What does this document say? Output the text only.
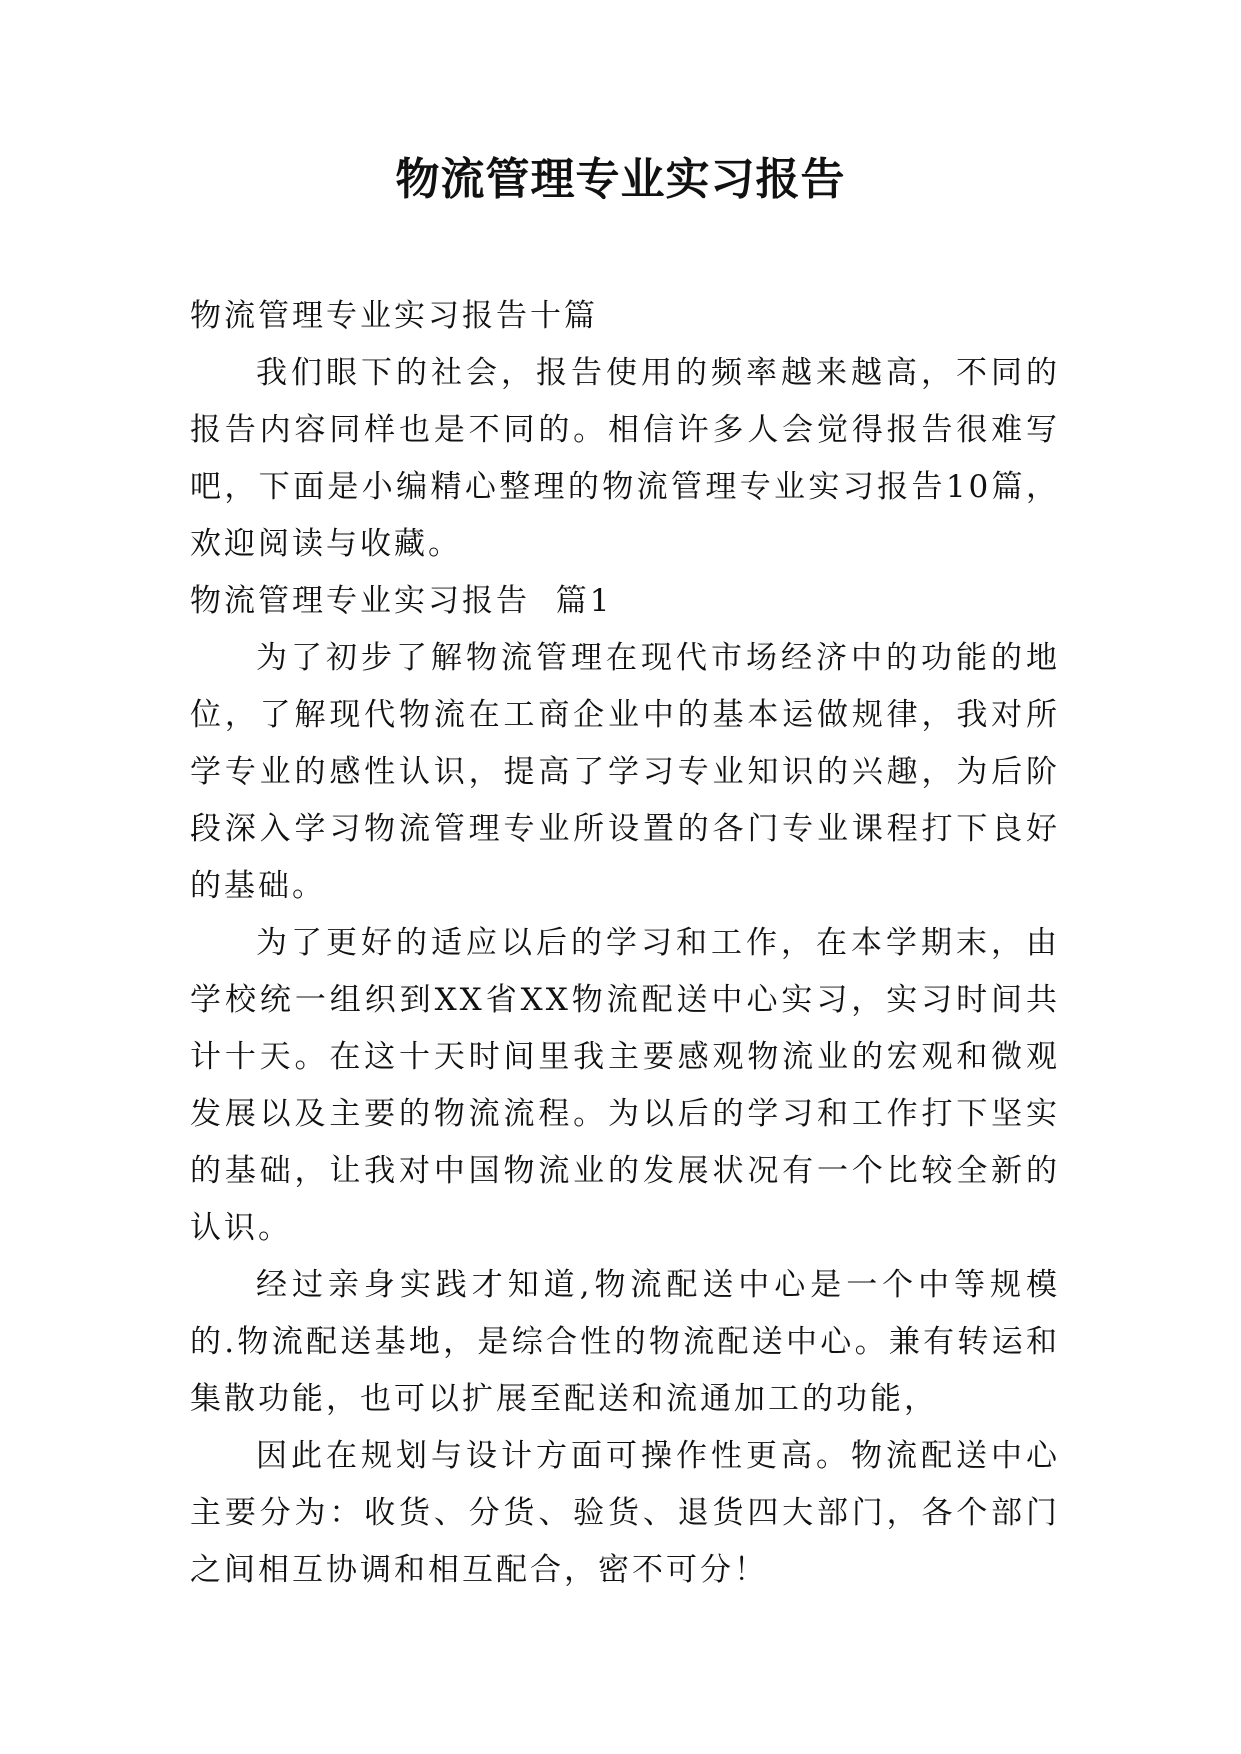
物流管理专业实习报告

物流管理专业实习报告十篇

我们眼下的社会，报告使用的频率越来越高，不同的报告内容同样也是不同的。相信许多人会觉得报告很难写吧，下面是小编精心整理的物流管理专业实习报告10篇，欢迎阅读与收藏。

物流管理专业实习报告  篇1

为了初步了解物流管理在现代市场经济中的功能的地位，了解现代物流在工商企业中的基本运做规律，我对所学专业的感性认识，提高了学习专业知识的兴趣，为后阶段深入学习物流管理专业所设置的各门专业课程打下良好的基础。

为了更好的适应以后的学习和工作，在本学期末，由学校统一组织到XX省XX物流配送中心实习，实习时间共计十天。在这十天时间里我主要感观物流业的宏观和微观发展以及主要的物流流程。为以后的学习和工作打下坚实的基础，让我对中国物流业的发展状况有一个比较全新的认识。

经过亲身实践才知道,物流配送中心是一个中等规模的.物流配送基地，是综合性的物流配送中心。兼有转运和集散功能，也可以扩展至配送和流通加工的功能，

因此在规划与设计方面可操作性更高。物流配送中心主要分为：收货、分货、验货、退货四大部门，各个部门之间相互协调和相互配合，密不可分！
